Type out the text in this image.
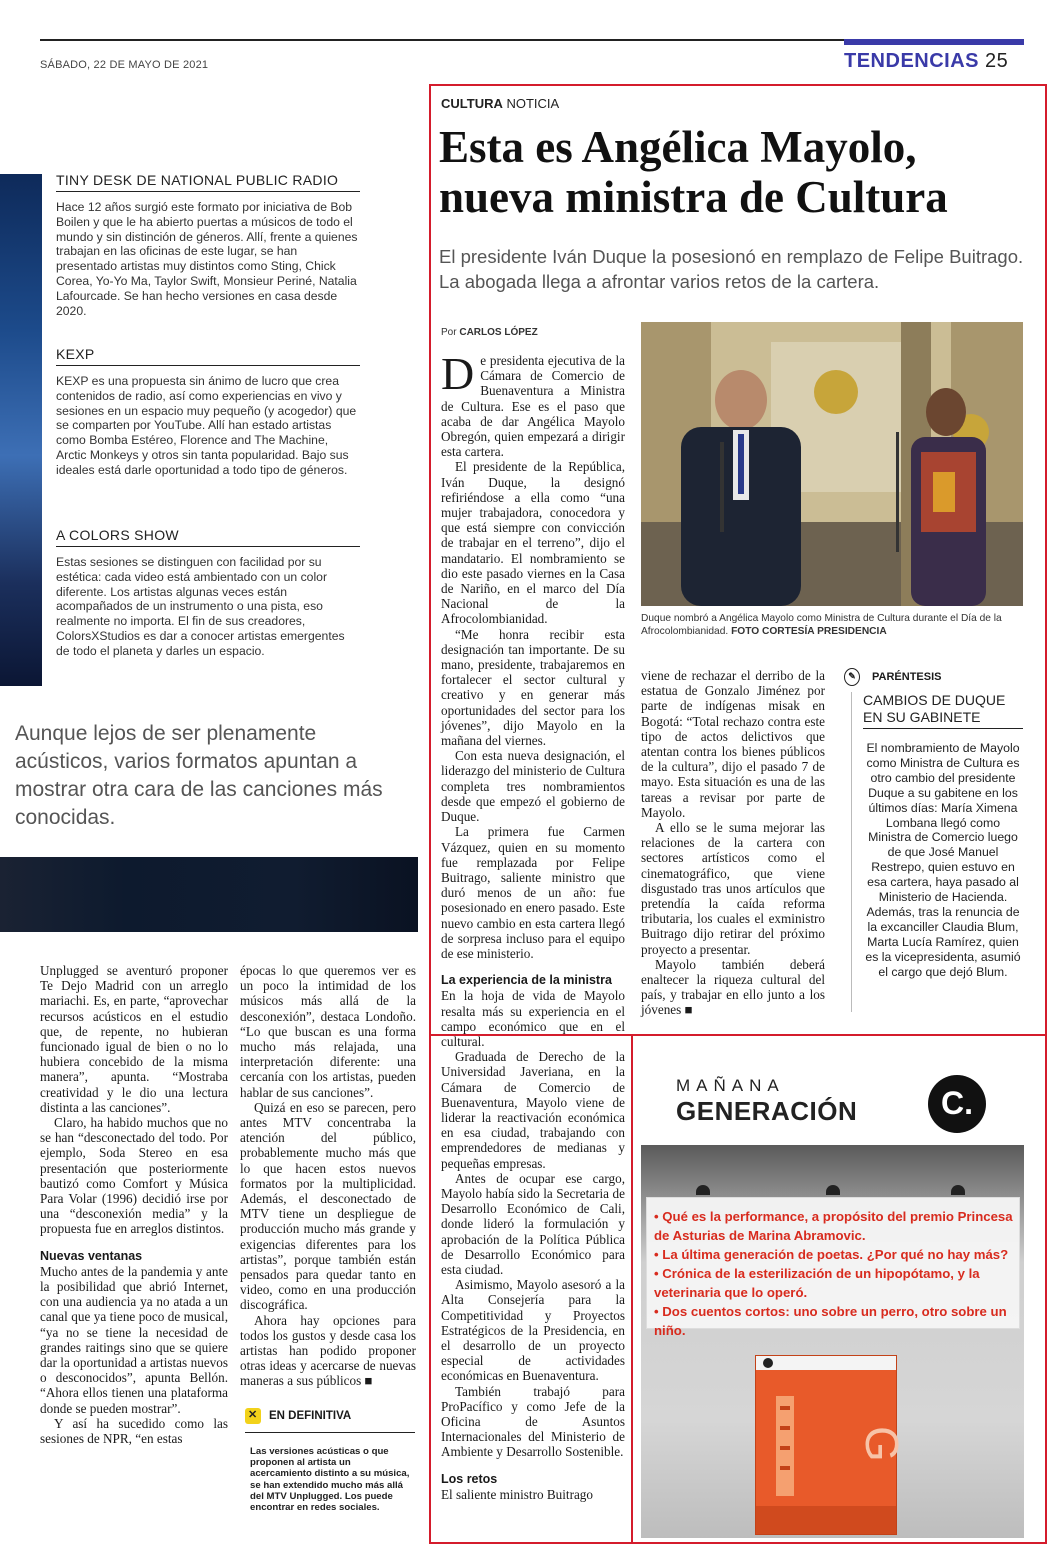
SÁBADO, 22 DE MAYO DE 2021	TENDENCIAS 25
TINY DESK DE NATIONAL PUBLIC RADIO
Hace 12 años surgió este formato por iniciativa de Bob Boilen y que le ha abierto puertas a músicos de todo el mundo y sin distinción de géneros. Allí, frente a quienes trabajan en las oficinas de este lugar, se han presentado artistas muy distintos como Sting, Chick Corea, Yo-Yo Ma, Taylor Swift, Monsieur Periné, Natalia Lafourcade. Se han hecho versiones en casa desde 2020.
KEXP
KEXP es una propuesta sin ánimo de lucro que crea contenidos de radio, así como experiencias en vivo y sesiones en un espacio muy pequeño (y acogedor) que se comparten por YouTube. Allí han estado artistas como Bomba Estéreo, Florence and The Machine, Arctic Monkeys y otros sin tanta popularidad. Bajo sus ideales está darle oportunidad a todo tipo de géneros.
A COLORS SHOW
Estas sesiones se distinguen con facilidad por su estética: cada video está ambientado con un color diferente. Los artistas algunas veces están acompañados de un instrumento o una pista, eso realmente no importa. El fin de sus creadores, ColorsXStudios es dar a conocer artistas emergentes de todo el planeta y darles un espacio.
Aunque lejos de ser plenamente acústicos, varios formatos apuntan a mostrar otra cara de las canciones más conocidas.

Unplugged se aventuró proponer Te Dejo Madrid con un arreglo mariachi. Es, en parte, “aprovechar recursos acústicos en el estudio que, de repente, no hubieran funcionado igual de bien o no lo hubiera concebido de la misma manera”, apunta. “Mostraba creatividad y le dio una lectura distinta a las canciones”.

Claro, ha habido muchos que no se han “desconectado del todo. Por ejemplo, Soda Stereo en esa presentación que posteriormente bautizó como Comfort y Música Para Volar (1996) decidió irse por una “desconexión media” y la propuesta fue en arreglos distintos.

Nuevas ventanas

Mucho antes de la pandemia y ante la posibilidad que abrió Internet, con una audiencia ya no atada a un canal que ya tiene poco de musical, “ya no se tiene la necesidad de grandes raitings sino que se quiere dar la oportunidad a artistas nuevos o desconocidos”, apunta Bellón. “Ahora ellos tienen una plataforma donde se pueden mostrar”.

Y así ha sucedido como las sesiones de NPR, “en estas

épocas lo que queremos ver es un poco la intimidad de los músicos más allá de la desconexión”, destaca Londoño. “Lo que buscan es una forma mucho más relajada, una interpretación diferente: una cercanía con los artistas, pueden hablar de sus canciones”.

Quizá en eso se parecen, pero antes MTV concentraba la atención del público, probablemente mucho más que lo que hacen estos nuevos formatos por la multiplicidad. Además, el desconectado de MTV tiene un despliegue de producción mucho más grande y exigencias diferentes para los artistas”, porque también están pensados para quedar tanto en video, como en una producción discográfica.

Ahora hay opciones para todos los gustos y desde casa los artistas han podido proponer otras ideas y acercarse de nuevas maneras a sus públicos ■

✕EN DEFINITIVA
Las versiones acústicas o que proponen al artista un acercamiento distinto a su música, se han extendido mucho más allá del MTV Unplugged. Los puede encontrar en redes sociales.
CULTURA NOTICIA
Esta es Angélica Mayolo, nueva ministra de Cultura
El presidente Iván Duque la posesionó en remplazo de Felipe Buitrago. La abogada llega a afrontar varios retos de la cartera.
Por CARLOS LÓPEZ

De presidenta ejecutiva de la Cámara de Comercio de Buenaventura a Ministra de Cultura. Ese es el paso que acaba de dar Angélica Mayolo Obregón, quien empezará a dirigir esta cartera.

El presidente de la República, Iván Duque, la designó refiriéndose a ella como “una mujer trabajadora, conocedora y que está siempre con convicción de trabajar en el terreno”, dijo el mandatario. El nombramiento se dio este pasado viernes en la Casa de Nariño, en el marco del Día Nacional de la Afrocolombianidad.

“Me honra recibir esta designación tan importante. De su mano, presidente, trabajaremos en fortalecer el sector cultural y creativo y en generar más oportunidades del sector para los jóvenes”, dijo Mayolo en la mañana del viernes.

Con esta nueva designación, el liderazgo del ministerio de Cultura completa tres nombramientos desde que empezó el gobierno de Duque.

La primera fue Carmen Vázquez, quien en su momento fue remplazada por Felipe Buitrago, saliente ministro que duró menos de un año: fue posesionado en enero pasado. Este nuevo cambio en esta cartera llegó de sorpresa incluso para el equipo de ese ministerio.

La experiencia de la ministra

En la hoja de vida de Mayolo resalta más su experiencia en el campo económico que en el cultural.

Graduada de Derecho de la Universidad Javeriana, en la Cámara de Comercio de Buenaventura, Mayolo viene de liderar la reactivación económica en esa ciudad, trabajando con emprendedores de medianas y pequeñas empresas.

Antes de ocupar ese cargo, Mayolo había sido la Secretaria de Desarrollo Económico de Cali, donde lideró la formulación y aprobación de la Política Pública de Desarrollo Económico para esta ciudad.

Asimismo, Mayolo asesoró a la Alta Consejería para la Competitividad y Proyectos Estratégicos de la Presidencia, en el desarrollo de un proyecto especial de actividades económicas en Buenaventura.

También trabajó para ProPacífico y como Jefe de la Oficina de Asuntos Internacionales del Ministerio de Ambiente y Desarrollo Sostenible.

Los retos

El saliente ministro Buitrago

Duque nombró a Angélica Mayolo como Ministra de Cultura durante el Día de la Afrocolombianidad. FOTO CORTESÍA PRESIDENCIA

viene de rechazar el derribo de la estatua de Gonzalo Jiménez por parte de indígenas misak en Bogotá: “Total rechazo contra este tipo de actos delictivos que atentan contra los bienes públicos de la cultura”, dijo el pasado 7 de mayo. Esta situación es una de las tareas a revisar por parte de Mayolo.

A ello se le suma mejorar las relaciones de la cartera con sectores artísticos como el cinematográfico, que viene disgustado tras unos artículos que pretendía la caída reforma tributaria, los cuales el exministro Buitrago dijo retirar del próximo proyecto a presentar.

Mayolo también deberá enaltecer la riqueza cultural del país, y trabajar en ello junto a los jóvenes ■

✎ PARÉNTESIS
CAMBIOS DE DUQUE EN SU GABINETE
El nombramiento de Mayolo como Ministra de Cultura es otro cambio del presidente Duque a su gabitene en los últimos días: María Ximena Lombana llegó como Ministra de Comercio luego de que José Manuel Restrepo, quien estuvo en esa cartera, haya pasado al Ministerio de Hacienda. Además, tras la renuncia de la excanciller Claudia Blum, Marta Lucía Ramírez, quien es la vicepresidenta, asumió el cargo que dejó Blum.
MAÑANA
GENERACIÓN	C.
• Qué es la performance, a propósito del premio Princesa de Asturias de Marina Abramovic.
• La última generación de poetas. ¿Por qué no hay más?
• Crónica de la esterilización de un hipopótamo, y la veterinaria que lo operó.
• Dos cuentos cortos: uno sobre un perro, otro sobre un niño.
G
